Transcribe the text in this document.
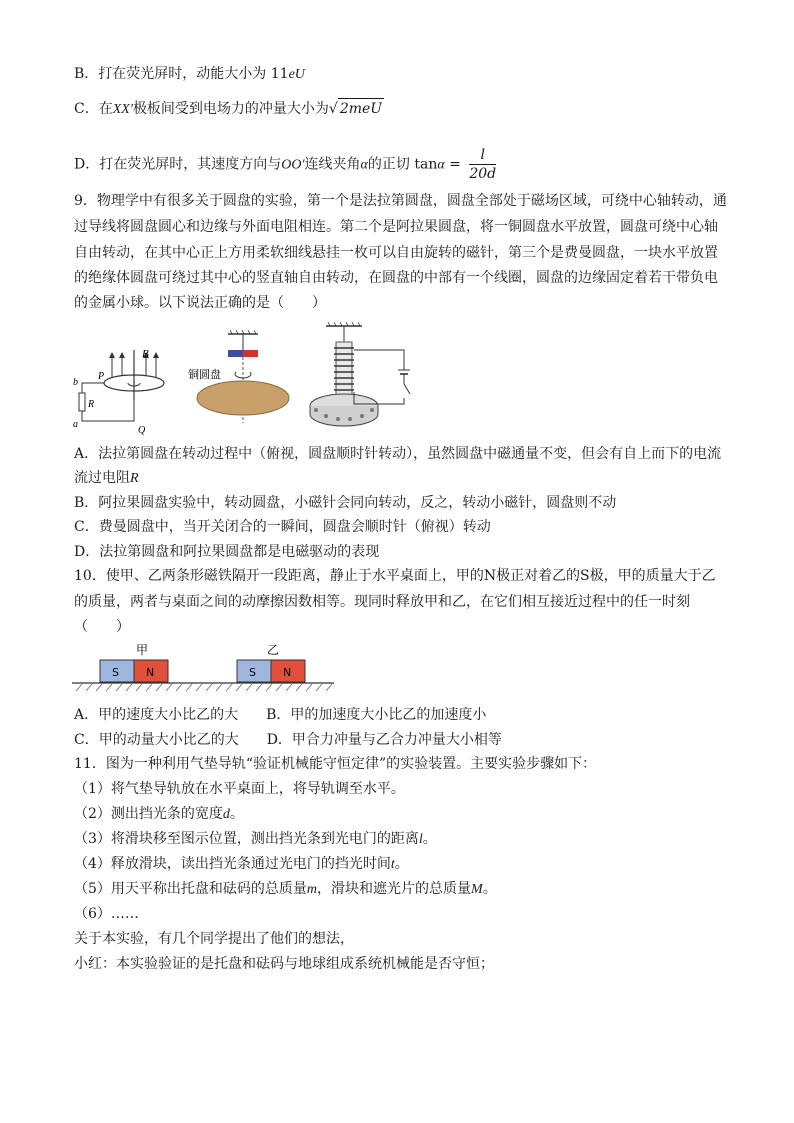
B．打在荧光屏时，动能大小为 11eU
C．在XX′极板间受到电场力的冲量大小为√ 2meU
D．打在荧光屏时，其速度方向与OO′连线夹角α的正切 $\tan\alpha = \frac{l}{20d}$
9．物理学中有很多关于圆盘的实验，第一个是法拉第圆盘，圆盘全部处于磁场区域，可绕中心轴转动，通
过导线将圆盘圆心和边缘与外面电阻相连。第二个是阿拉果圆盘，将一铜圆盘水平放置，圆盘可绕中心轴
自由转动，在其中心正上方用柔软细线悬挂一枚可以自由旋转的磁针，第三个是费曼圆盘，一块水平放置
的绝缘体圆盘可绕过其中心的竖直轴自由转动，在圆盘的中部有一个线圈，圆盘的边缘固定着若干带负电
的金属小球。以下说法正确的是（　　）
B
P
Q
b
a
R
铜圆盘
A．法拉第圆盘在转动过程中（俯视，圆盘顺时针转动），虽然圆盘中磁通量不变，但会有自上而下的电流
流过电阻R
B．阿拉果圆盘实验中，转动圆盘，小磁针会同向转动，反之，转动小磁针，圆盘则不动
C．费曼圆盘中，当开关闭合的一瞬间，圆盘会顺时针（俯视）转动
D．法拉第圆盘和阿拉果圆盘都是电磁驱动的表现
10．使甲、乙两条形磁铁隔开一段距离，静止于水平桌面上，甲的N极正对着乙的S极，甲的质量大于乙
的质量，两者与桌面之间的动摩擦因数相等。现同时释放甲和乙，在它们相互接近过程中的任一时刻
（　　）
甲	乙
S N	S N
A．甲的速度大小比乙的大　　B．甲的加速度大小比乙的加速度小
C．甲的动量大小比乙的大　　D．甲合力冲量与乙合力冲量大小相等
11．图为一种利用气垫导轨“验证机械能守恒定律”的实验装置。主要实验步骤如下：
（1）将气垫导轨放在水平桌面上，将导轨调至水平。
（2）测出挡光条的宽度d。
（3）将滑块移至图示位置，测出挡光条到光电门的距离l。
（4）释放滑块，读出挡光条通过光电门的挡光时间t。
（5）用天平称出托盘和砝码的总质量m，滑块和遮光片的总质量M。
（6）……
关于本实验，有几个同学提出了他们的想法，
小红：本实验验证的是托盘和砝码与地球组成系统机械能是否守恒；
